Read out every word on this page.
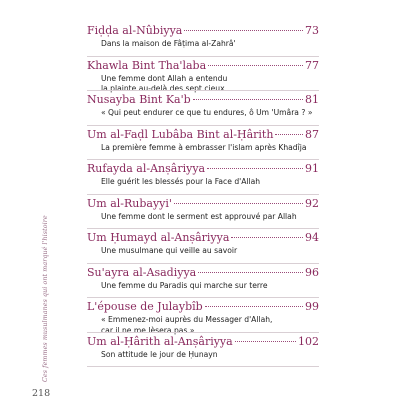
Ces femmes musulmanes qui ont marqué l'histoire
218
Fiḍḍa al-Nûbiyya	73
Dans la maison de Fâṭima al-Zahrâ'
Khawla Bint Tha'laba	77
Une femme dont Allah a entendu
la plainte au-delà des sept cieux
Nusayba Bint Ka'b	81
« Qui peut endurer ce que tu endures, ô Um 'Umâra ? »
Um al-Faḍl Lubâba Bint al-Ḥârith	87
La première femme à embrasser l'islam après Khadîja
Rufayda al-Anṣâriyya	91
Elle guérit les blessés pour la Face d'Allah
Um al-Rubayyi'	92
Une femme dont le serment est approuvé par Allah
Um Ḥumayd al-Anṣâriyya	94
Une musulmane qui veille au savoir
Su'ayra al-Asadiyya	96
Une femme du Paradis qui marche sur terre
L'épouse de Julaybîb	99
« Emmenez-moi auprès du Messager d'Allah,
car il ne me lèsera pas »
Um al-Ḥârith al-Anṣâriyya	102
Son attitude le jour de Ḥunayn
